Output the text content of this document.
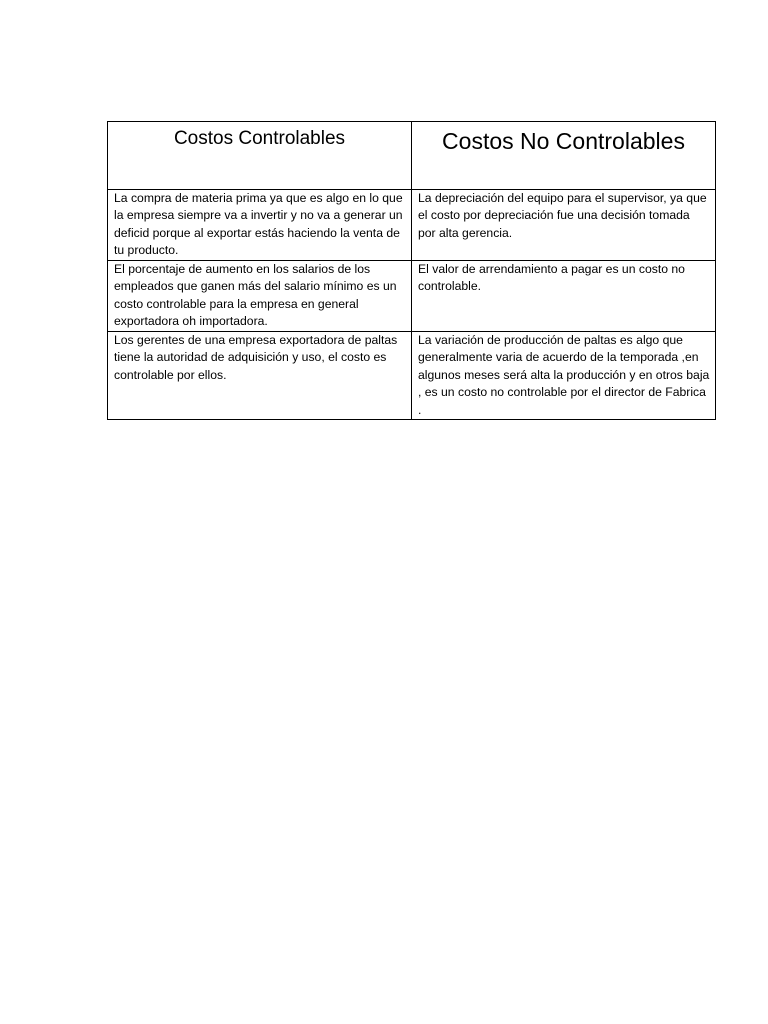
Costos Controlables	Costos No Controlables

La compra de materia prima ya que es algo en lo que la empresa siempre va a invertir y no va a generar un deficid porque al exportar estás haciendo la venta de tu producto.	La depreciación del equipo para el supervisor, ya que el costo por depreciación fue una decisión tomada por alta gerencia.
El porcentaje de aumento en los salarios de los empleados que ganen más del salario mínimo es un costo controlable para la empresa en general exportadora oh importadora.	El valor de arrendamiento a pagar es un costo no controlable.
Los gerentes de una empresa exportadora de paltas tiene la autoridad de adquisición y uso, el costo es controlable por ellos.	La variación de producción de paltas es algo que generalmente varia de acuerdo de la temporada ,en algunos meses será alta la producción y en otros baja , es un costo no controlable por el director de Fabrica .
